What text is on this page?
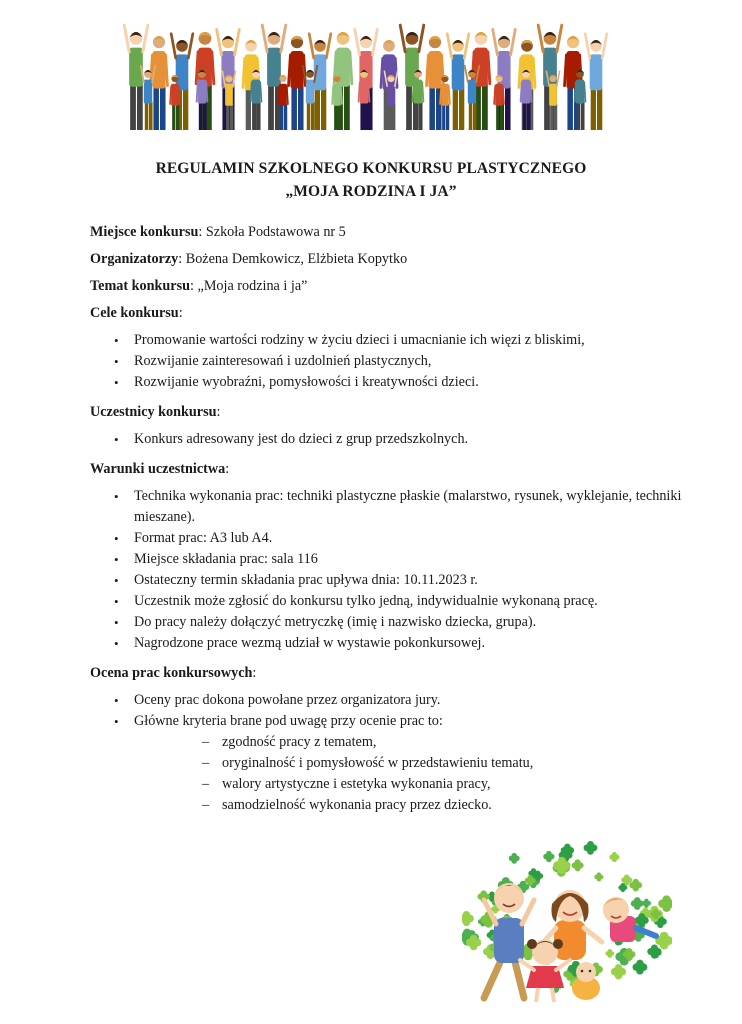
REGULAMIN SZKOLNEGO KONKURSU PLASTYCZNEGO
„MOJA RODZINA I JA”
Miejsce konkursu: Szkoła Podstawowa nr 5
Organizatorzy: Bożena Demkowicz, Elżbieta Kopytko
Temat konkursu: „Moja rodzina i ja”
Cele konkursu:
• Promowanie wartości rodziny w życiu dzieci i umacnianie ich więzi z bliskimi,
• Rozwijanie zainteresowań i uzdolnień plastycznych,
• Rozwijanie wyobraźni, pomysłowości i kreatywności dzieci.
Uczestnicy konkursu:
• Konkurs adresowany jest do dzieci z grup przedszkolnych.
Warunki uczestnictwa:
• Technika wykonania prac: techniki plastyczne płaskie (malarstwo, rysunek, wyklejanie, techniki mieszane).
• Format prac: A3 lub A4.
• Miejsce składania prac: sala 116
• Ostateczny termin składania prac upływa dnia: 10.11.2023 r.
• Uczestnik może zgłosić do konkursu tylko jedną, indywidualnie wykonaną pracę.
• Do pracy należy dołączyć metryczkę (imię i nazwisko dziecka, grupa).
• Nagrodzone prace wezmą udział w wystawie pokonkursowej.
Ocena prac konkursowych:
• Oceny prac dokona powołane przez organizatora jury.
• Główne kryteria brane pod uwagę przy ocenie prac to:
– zgodność pracy z tematem,
– oryginalność i pomysłowość w przedstawieniu tematu,
– walory artystyczne i estetyka wykonania pracy,
– samodzielność wykonania pracy przez dziecko.
